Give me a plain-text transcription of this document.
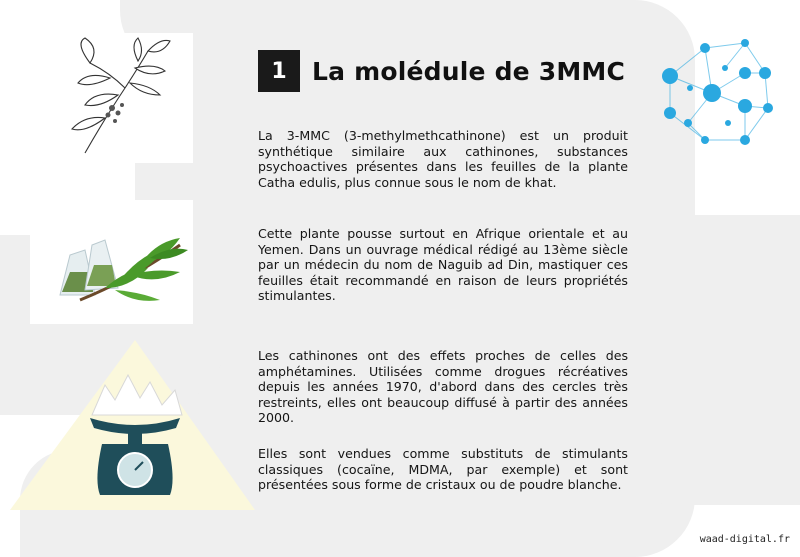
1	La molédule de 3MMC

La 3-MMC (3-methylmethcathinone) est un produit synthétique similaire aux cathinones, substances psychoactives présentes dans les feuilles de la plante Catha edulis, plus connue sous le nom de khat.

Cette plante pousse surtout en Afrique orientale et au Yemen. Dans un ouvrage médical rédigé au 13ème siècle par un médecin du nom de Naguib ad Din, mastiquer ces feuilles était recommandé en raison de leurs propriétés stimulantes.

Les cathinones ont des effets proches de celles des amphétamines. Utilisées comme drogues récréatives depuis les années 1970, d'abord dans des cercles très restreints, elles ont beaucoup diffusé à partir des années 2000.

Elles sont vendues comme substituts de stimulants classiques (cocaïne, MDMA, par exemple) et sont présentées sous forme de cristaux ou de poudre blanche.

waad-digital.fr
